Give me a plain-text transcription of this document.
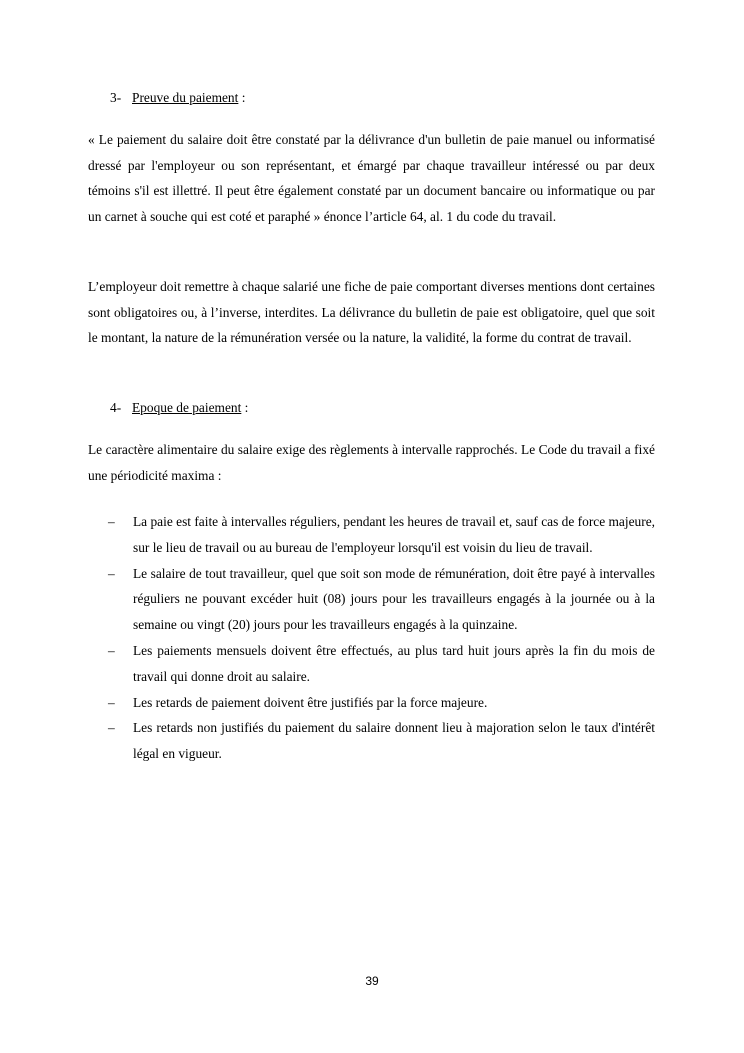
3- Preuve du paiement :

« Le paiement du salaire doit être constaté par la délivrance d'un bulletin de paie manuel ou informatisé dressé par l'employeur ou son représentant, et émargé par chaque travailleur intéressé ou par deux témoins s'il est illettré. Il peut être également constaté par un document bancaire ou informatique ou par un carnet à souche qui est coté et paraphé » énonce l’article 64, al. 1 du code du travail.

L’employeur doit remettre à chaque salarié une fiche de paie comportant diverses mentions dont certaines sont obligatoires ou, à l’inverse, interdites. La délivrance du bulletin de paie est obligatoire, quel que soit le montant, la nature de la rémunération versée ou la nature, la validité, la forme du contrat de travail.

4- Epoque de paiement :

Le caractère alimentaire du salaire exige des règlements à intervalle rapprochés. Le Code du travail a fixé une périodicité maxima :

– La paie est faite à intervalles réguliers, pendant les heures de travail et, sauf cas de force majeure, sur le lieu de travail ou au bureau de l'employeur lorsqu'il est voisin du lieu de travail.
– Le salaire de tout travailleur, quel que soit son mode de rémunération, doit être payé à intervalles réguliers ne pouvant excéder huit (08) jours pour les travailleurs engagés à la journée ou à la semaine ou vingt (20) jours pour les travailleurs engagés à la quinzaine.
– Les paiements mensuels doivent être effectués, au plus tard huit jours après la fin du mois de travail qui donne droit au salaire.
– Les retards de paiement doivent être justifiés par la force majeure.
– Les retards non justifiés du paiement du salaire donnent lieu à majoration selon le taux d'intérêt légal en vigueur.
39
